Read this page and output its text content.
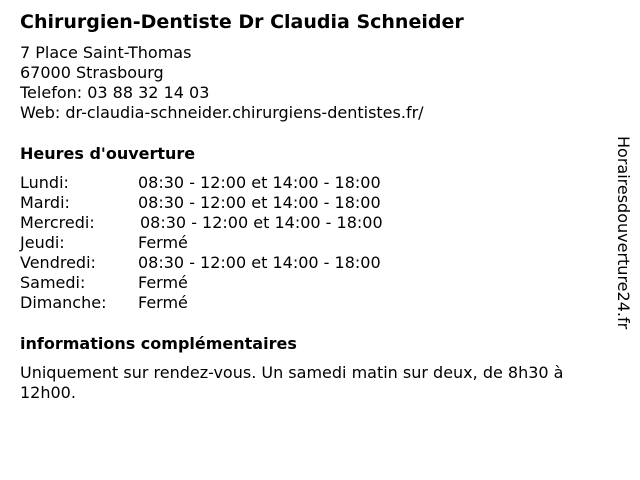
Chirurgien-Dentiste Dr Claudia Schneider
7 Place Saint-Thomas
67000 Strasbourg
Telefon: 03 88 32 14 03
Web: dr-claudia-schneider.chirurgiens-dentistes.fr/
Heures d'ouverture
Lundi:	08:30 - 12:00 et 14:00 - 18:00
Mardi:	08:30 - 12:00 et 14:00 - 18:00
Mercredi:	08:30 - 12:00 et 14:00 - 18:00
Jeudi:	Fermé
Vendredi:	08:30 - 12:00 et 14:00 - 18:00
Samedi:	Fermé
Dimanche: Fermé
informations complémentaires
Uniquement sur rendez-vous. Un samedi matin sur deux, de 8h30 à 12h00.
Horairesdouverture24.fr
